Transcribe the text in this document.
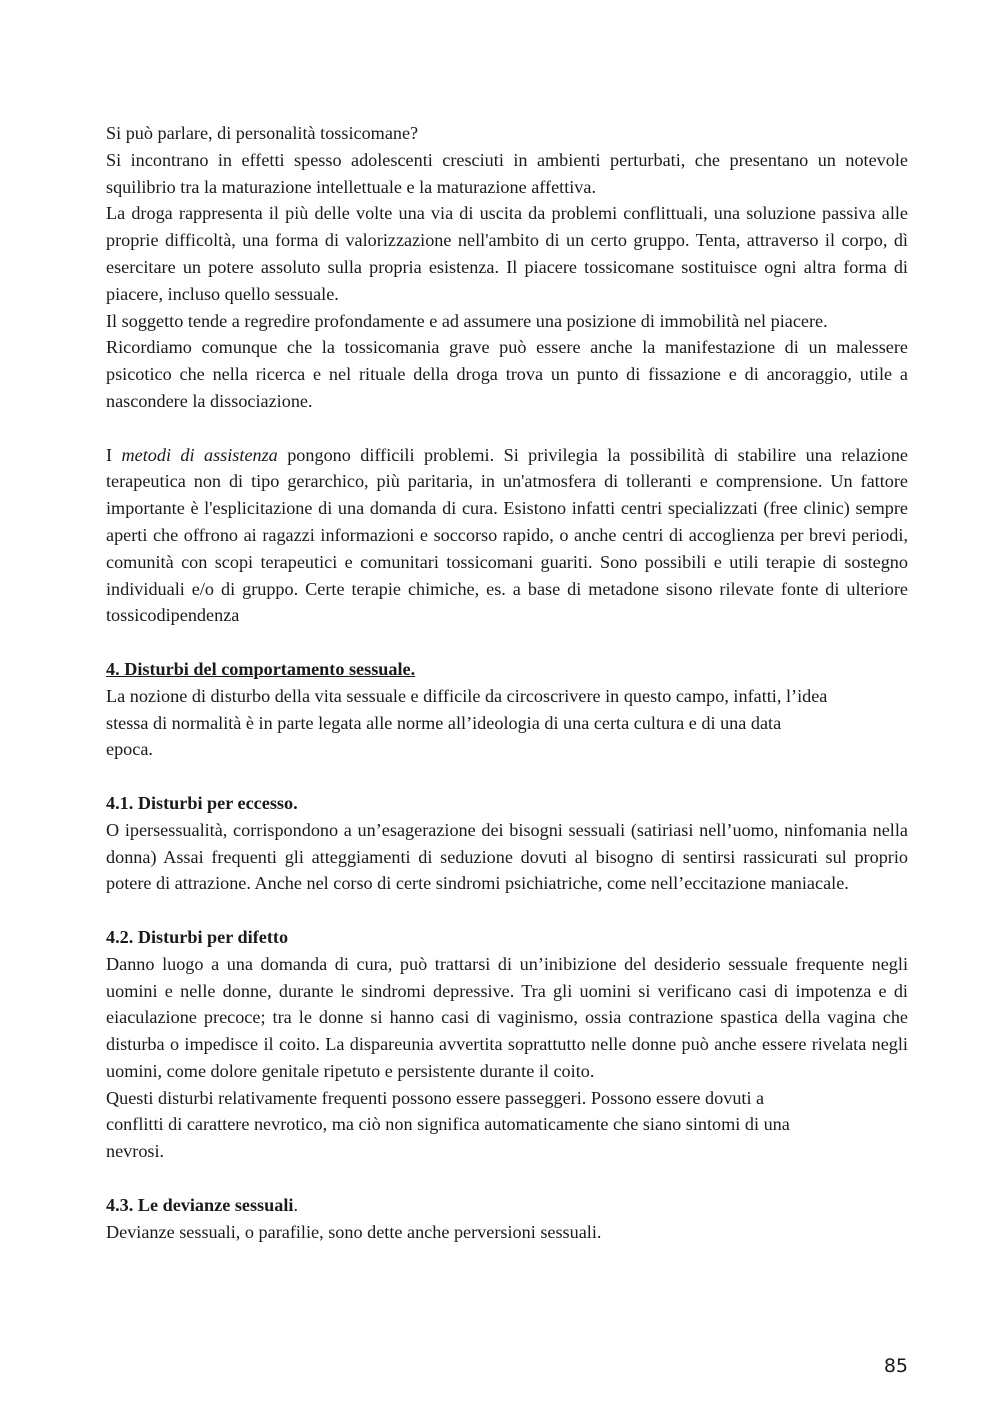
· · ·

Si può parlare, di personalità tossicomane?

Si incontrano in effetti spesso adolescenti cresciuti in ambienti perturbati, che presentano un notevole squilibrio tra la maturazione intellettuale e la maturazione affettiva.

La droga rappresenta il più delle volte una via di uscita da problemi conflittuali, una soluzione passiva alle proprie difficoltà, una forma di valorizzazione nell'ambito di un certo gruppo. Tenta, attraverso il corpo, dì esercitare un potere assoluto sulla propria esistenza. Il piacere tossicomane sostituisce ogni altra forma di piacere, incluso quello sessuale.

Il soggetto tende a regredire profondamente e ad assumere una posizione di immobilità nel piacere.

Ricordiamo comunque che la tossicomania grave può essere anche la manifestazione di un malessere psicotico che nella ricerca e nel rituale della droga trova un punto di fissazione e di ancoraggio, utile a nascondere la dissociazione.

I metodi di assistenza pongono difficili problemi. Si privilegia la possibilità di stabilire una relazione terapeutica non di tipo gerarchico, più paritaria, in un'atmosfera di tolleranti e comprensione. Un fattore importante è l'esplicitazione di una domanda di cura. Esistono infatti centri specializzati (free clinic) sempre aperti che offrono ai ragazzi informazioni e soccorso rapido, o anche centri di accoglienza per brevi periodi, comunità con scopi terapeutici e comunitari tossicomani guariti. Sono possibili e utili terapie di sostegno individuali e/o di gruppo. Certe terapie chimiche, es. a base di metadone sisono rilevate fonte di ulteriore tossicodipendenza

4. Disturbi del comportamento sessuale.

La nozione di disturbo della vita sessuale e difficile da circoscrivere in questo campo, infatti, l’idea

stessa di normalità è in parte legata alle norme all’ideologia di una certa cultura e di una data

epoca.

4.1. Disturbi per eccesso.

O ipersessualità, corrispondono a un’esagerazione dei bisogni sessuali (satiriasi nell’uomo, ninfomania nella donna) Assai frequenti gli atteggiamenti di seduzione dovuti al bisogno di sentirsi rassicurati sul proprio potere di attrazione. Anche nel corso di certe sindromi psichiatriche, come nell’eccitazione maniacale.

4.2. Disturbi per difetto

Danno luogo a una domanda di cura, può trattarsi di un’inibizione del desiderio sessuale frequente negli uomini e nelle donne, durante le sindromi depressive. Tra gli uomini si verificano casi di impotenza e di eiaculazione precoce; tra le donne si hanno casi di vaginismo, ossia contrazione spastica della vagina che disturba o impedisce il coito. La dispareunia avvertita soprattutto nelle donne può anche essere rivelata negli uomini, come dolore genitale ripetuto e persistente durante il coito.

Questi disturbi relativamente frequenti possono essere passeggeri. Possono essere dovuti a

conflitti di carattere nevrotico, ma ciò non significa automaticamente che siano sintomi di una

nevrosi.

4.3. Le devianze sessuali.

Devianze sessuali, o parafilie, sono dette anche perversioni sessuali.

85
